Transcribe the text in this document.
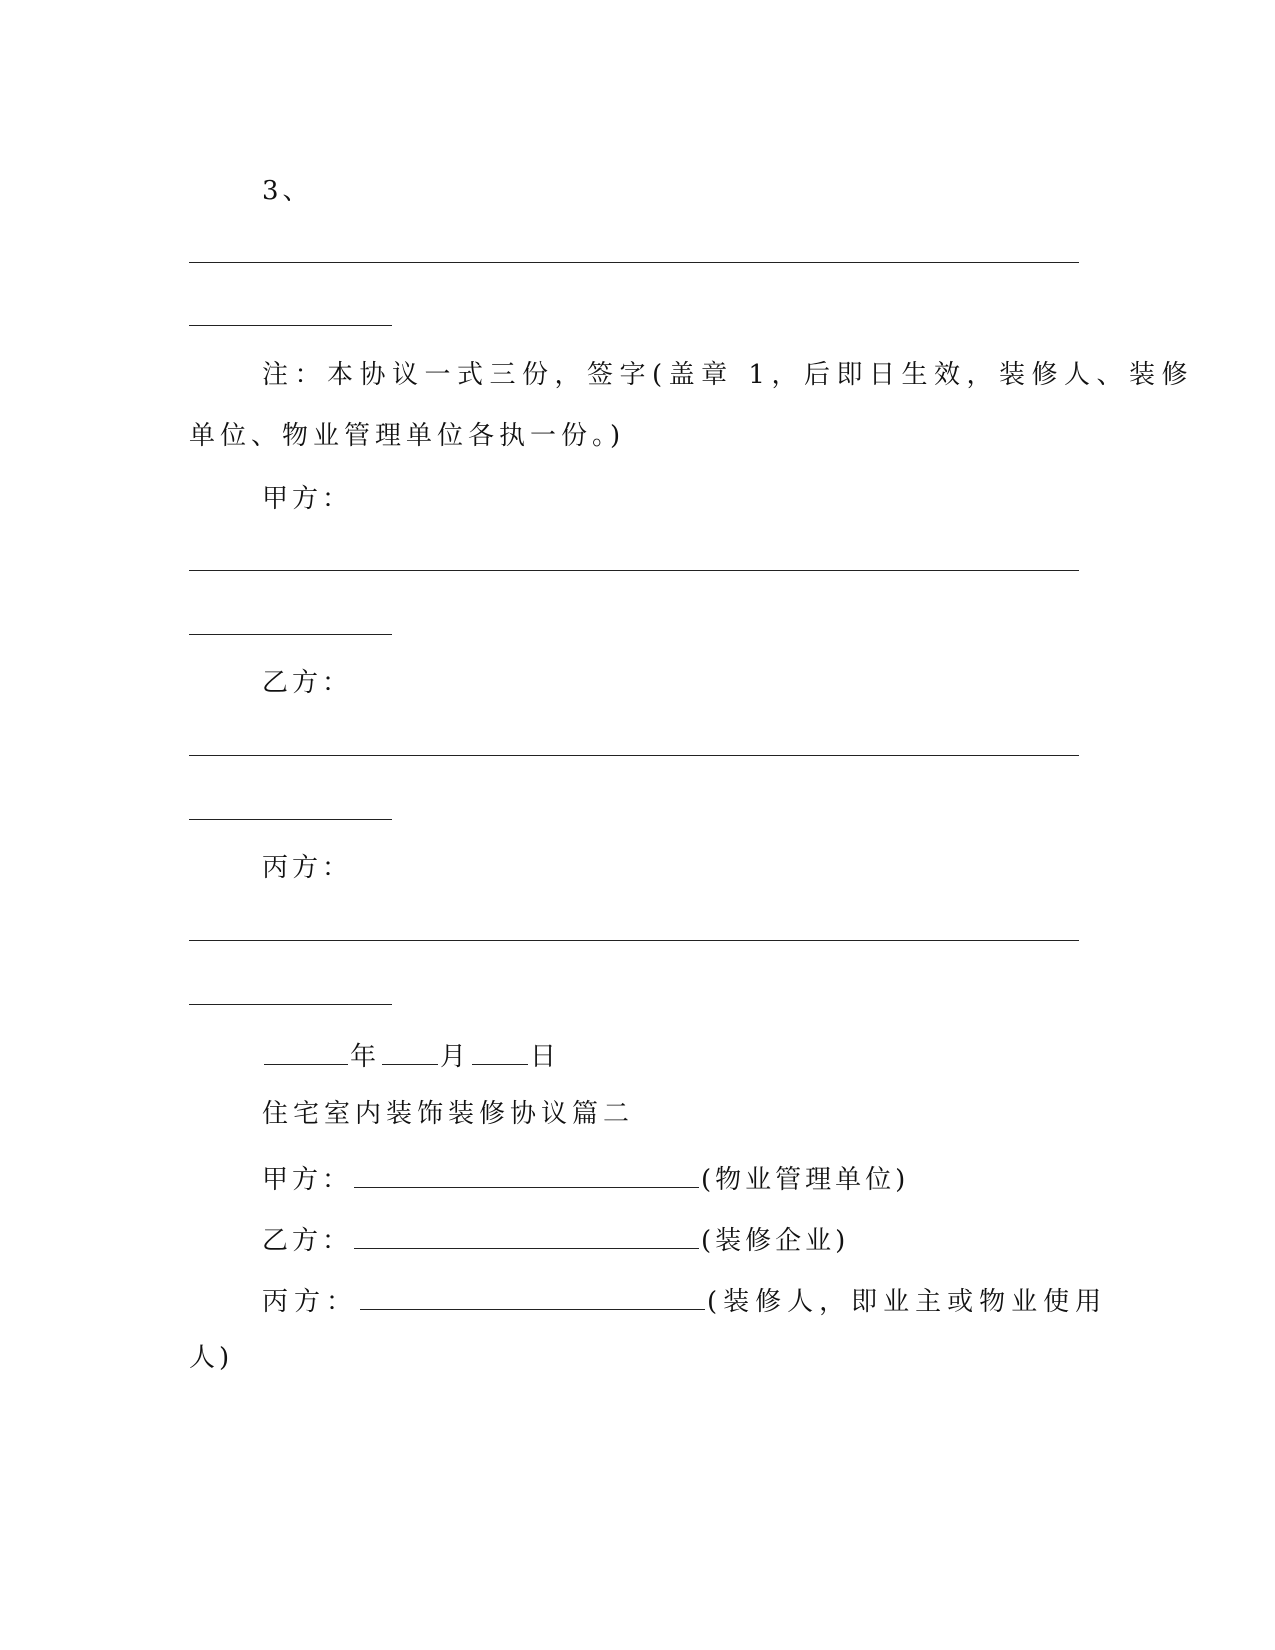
3、
注：本协议一式三份，签字(盖章 1，后即日生效，装修人、装修
单位、物业管理单位各执一份。)
甲方：
乙方：
丙方：
年 月 日
住宅室内装饰装修协议篇二
甲方：	(物业管理单位)
乙方：	(装修企业)
丙方：	(装修人，即业主或物业使用
人)
